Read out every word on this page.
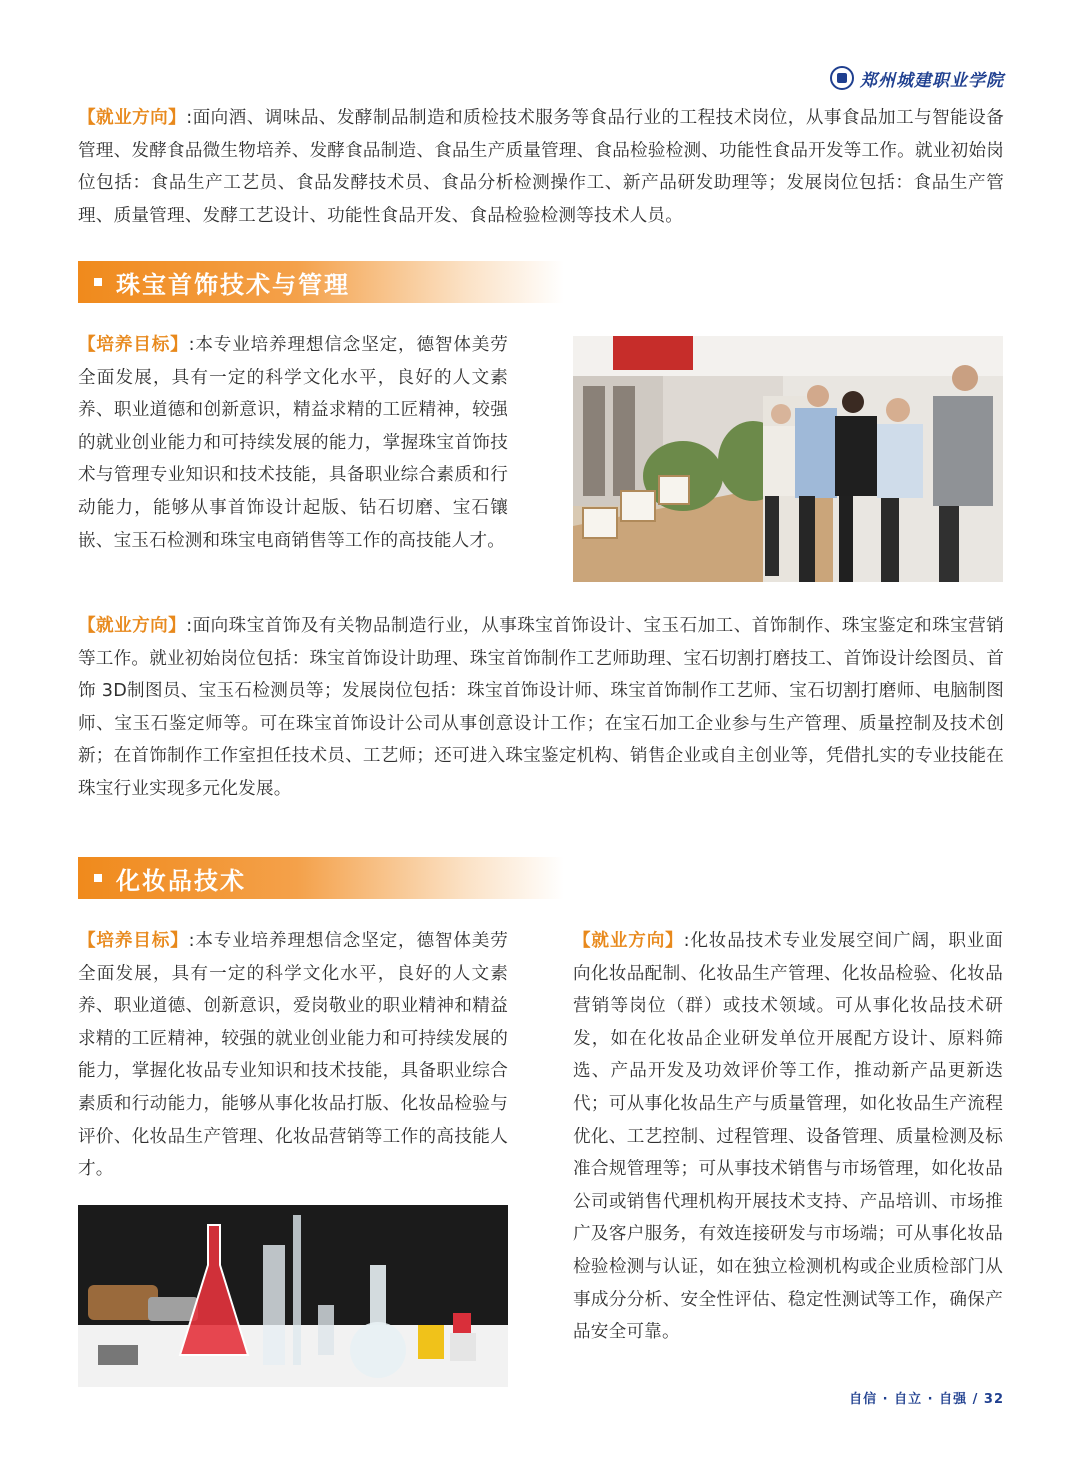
郑州城建职业学院

【就业方向】:面向酒、调味品、发酵制品制造和质检技术服务等食品行业的工程技术岗位，从事食品加工与智能设备管理、发酵食品微生物培养、发酵食品制造、食品生产质量管理、食品检验检测、功能性食品开发等工作。就业初始岗位包括：食品生产工艺员、食品发酵技术员、食品分析检测操作工、新产品研发助理等；发展岗位包括：食品生产管理、质量管理、发酵工艺设计、功能性食品开发、食品检验检测等技术人员。

珠宝首饰技术与管理

【培养目标】:本专业培养理想信念坚定，德智体美劳全面发展，具有一定的科学文化水平，良好的人文素养、职业道德和创新意识，精益求精的工匠精神，较强的就业创业能力和可持续发展的能力，掌握珠宝首饰技术与管理专业知识和技术技能，具备职业综合素质和行动能力，能够从事首饰设计起版、钻石切磨、宝石镶嵌、宝玉石检测和珠宝电商销售等工作的高技能人才。

【就业方向】:面向珠宝首饰及有关物品制造行业，从事珠宝首饰设计、宝玉石加工、首饰制作、珠宝鉴定和珠宝营销等工作。就业初始岗位包括：珠宝首饰设计助理、珠宝首饰制作工艺师助理、宝石切割打磨技工、首饰设计绘图员、首饰 3D制图员、宝玉石检测员等；发展岗位包括：珠宝首饰设计师、珠宝首饰制作工艺师、宝石切割打磨师、电脑制图师、宝玉石鉴定师等。可在珠宝首饰设计公司从事创意设计工作；在宝石加工企业参与生产管理、质量控制及技术创新；在首饰制作工作室担任技术员、工艺师；还可进入珠宝鉴定机构、销售企业或自主创业等，凭借扎实的专业技能在珠宝行业实现多元化发展。

化妆品技术

【培养目标】:本专业培养理想信念坚定，德智体美劳全面发展，具有一定的科学文化水平，良好的人文素养、职业道德、创新意识，爱岗敬业的职业精神和精益求精的工匠精神，较强的就业创业能力和可持续发展的能力，掌握化妆品专业知识和技术技能，具备职业综合素质和行动能力，能够从事化妆品打版、化妆品检验与评价、化妆品生产管理、化妆品营销等工作的高技能人才。

【就业方向】:化妆品技术专业发展空间广阔，职业面向化妆品配制、化妆品生产管理、化妆品检验、化妆品营销等岗位（群）或技术领域。可从事化妆品技术研发，如在化妆品企业研发单位开展配方设计、原料筛选、产品开发及功效评价等工作，推动新产品更新迭代；可从事化妆品生产与质量管理，如化妆品生产流程优化、工艺控制、过程管理、设备管理、质量检测及标准合规管理等；可从事技术销售与市场管理，如化妆品公司或销售代理机构开展技术支持、产品培训、市场推广及客户服务，有效连接研发与市场端；可从事化妆品检验检测与认证，如在独立检测机构或企业质检部门从事成分分析、安全性评估、稳定性测试等工作，确保产品安全可靠。

自信 · 自立 · 自强 / 32
